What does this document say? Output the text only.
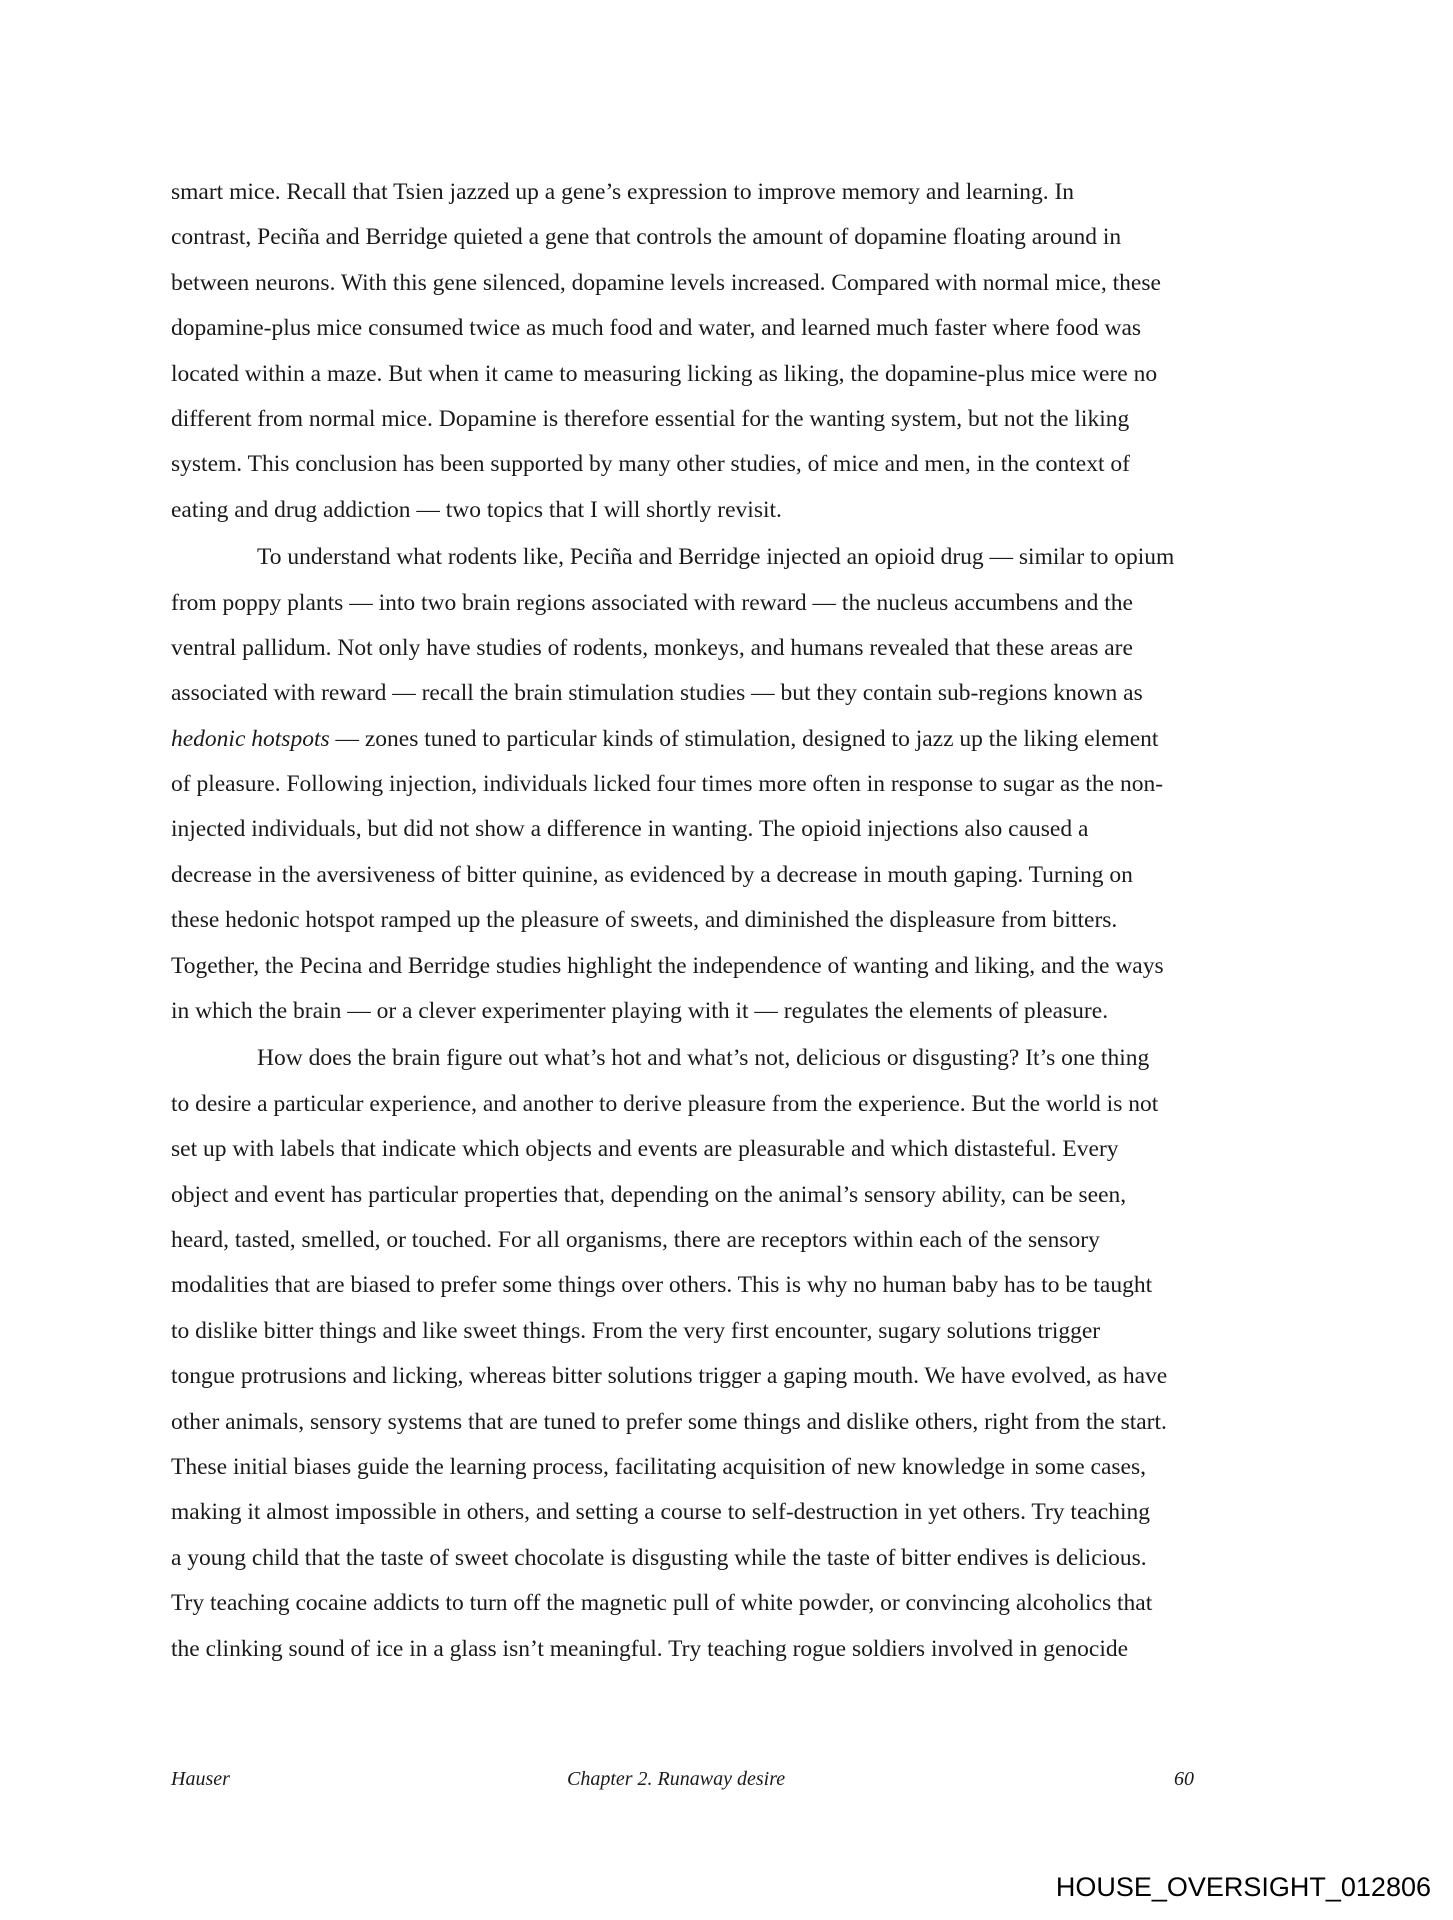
smart mice. Recall that Tsien jazzed up a gene’s expression to improve memory and learning. In
contrast, Peciña and Berridge quieted a gene that controls the amount of dopamine floating around in
between neurons. With this gene silenced, dopamine levels increased. Compared with normal mice, these
dopamine-plus mice consumed twice as much food and water, and learned much faster where food was
located within a maze. But when it came to measuring licking as liking, the dopamine-plus mice were no
different from normal mice. Dopamine is therefore essential for the wanting system, but not the liking
system. This conclusion has been supported by many other studies, of mice and men, in the context of
eating and drug addiction — two topics that I will shortly revisit.
To understand what rodents like, Peciña and Berridge injected an opioid drug — similar to opium
from poppy plants — into two brain regions associated with reward — the nucleus accumbens and the
ventral pallidum. Not only have studies of rodents, monkeys, and humans revealed that these areas are
associated with reward — recall the brain stimulation studies — but they contain sub-regions known as
hedonic hotspots — zones tuned to particular kinds of stimulation, designed to jazz up the liking element
of pleasure. Following injection, individuals licked four times more often in response to sugar as the non-
injected individuals, but did not show a difference in wanting. The opioid injections also caused a
decrease in the aversiveness of bitter quinine, as evidenced by a decrease in mouth gaping. Turning on
these hedonic hotspot ramped up the pleasure of sweets, and diminished the displeasure from bitters.
Together, the Pecina and Berridge studies highlight the independence of wanting and liking, and the ways
in which the brain — or a clever experimenter playing with it — regulates the elements of pleasure.
How does the brain figure out what’s hot and what’s not, delicious or disgusting? It’s one thing
to desire a particular experience, and another to derive pleasure from the experience. But the world is not
set up with labels that indicate which objects and events are pleasurable and which distasteful. Every
object and event has particular properties that, depending on the animal’s sensory ability, can be seen,
heard, tasted, smelled, or touched. For all organisms, there are receptors within each of the sensory
modalities that are biased to prefer some things over others. This is why no human baby has to be taught
to dislike bitter things and like sweet things. From the very first encounter, sugary solutions trigger
tongue protrusions and licking, whereas bitter solutions trigger a gaping mouth. We have evolved, as have
other animals, sensory systems that are tuned to prefer some things and dislike others, right from the start.
These initial biases guide the learning process, facilitating acquisition of new knowledge in some cases,
making it almost impossible in others, and setting a course to self-destruction in yet others. Try teaching
a young child that the taste of sweet chocolate is disgusting while the taste of bitter endives is delicious.
Try teaching cocaine addicts to turn off the magnetic pull of white powder, or convincing alcoholics that
the clinking sound of ice in a glass isn’t meaningful. Try teaching rogue soldiers involved in genocide
Hauser	Chapter 2. Runaway desire	60
HOUSE_OVERSIGHT_012806
